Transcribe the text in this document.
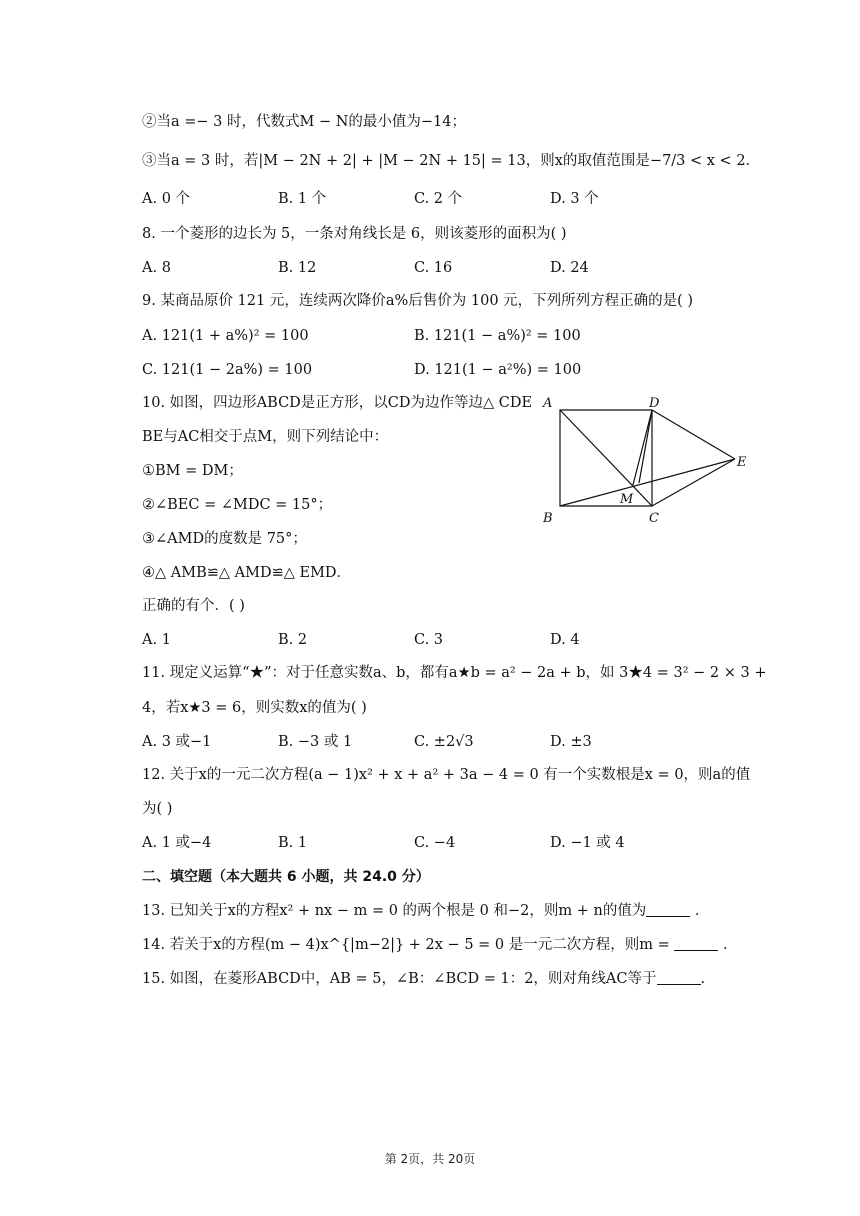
②当a =− 3 时，代数式M − N的最小值为−14；
③当a = 3 时，若|M − 2N + 2| + |M − 2N + 15| = 13，则x的取值范围是−7/3 < x < 2．
A. 0 个	B. 1 个	C. 2 个	D. 3 个
8. 一个菱形的边长为 5，一条对角线长是 6，则该菱形的面积为( )
A. 8	B. 12	C. 16	D. 24
9. 某商品原价 121 元，连续两次降价a%后售价为 100 元，下列所列方程正确的是( )
A. 121(1 + a%)² = 100	B. 121(1 − a%)² = 100
C. 121(1 − 2a%) = 100	D. 121(1 − a²%) = 100
10. 如图，四边形ABCD是正方形，以CD为边作等边△ CDE
BE与AC相交于点M，则下列结论中：
①BM = DM；
②∠BEC = ∠MDC = 15°；
③∠AMD的度数是 75°；
④△ AMB≌△ AMD≌△ EMD．
正确的有个．( )
A. 1	B. 2	C. 3	D. 4
A	D
E
M
B	C
11. 现定义运算“★”：对于任意实数a、b，都有a★b = a² − 2a + b，如 3★4 = 3² − 2 × 3 +
4，若x★3 = 6，则实数x的值为( )
A. 3 或−1	B. −3 或 1	C. ±2√3	D. ±3
12. 关于x的一元二次方程(a − 1)x² + x + a² + 3a − 4 = 0 有一个实数根是x = 0，则a的值
为( )
A. 1 或−4	B. 1	C. −4	D. −1 或 4
二、填空题（本大题共 6 小题，共 24.0 分）
13. 已知关于x的方程x² + nx − m = 0 的两个根是 0 和−2，则m + n的值为	．
14. 若关于x的方程(m − 4)x^{|m−2|} + 2x − 5 = 0 是一元二次方程，则m =	．
15. 如图，在菱形ABCD中，AB = 5，∠B：∠BCD = 1：2，则对角线AC等于	.
第 2页，共 20页
